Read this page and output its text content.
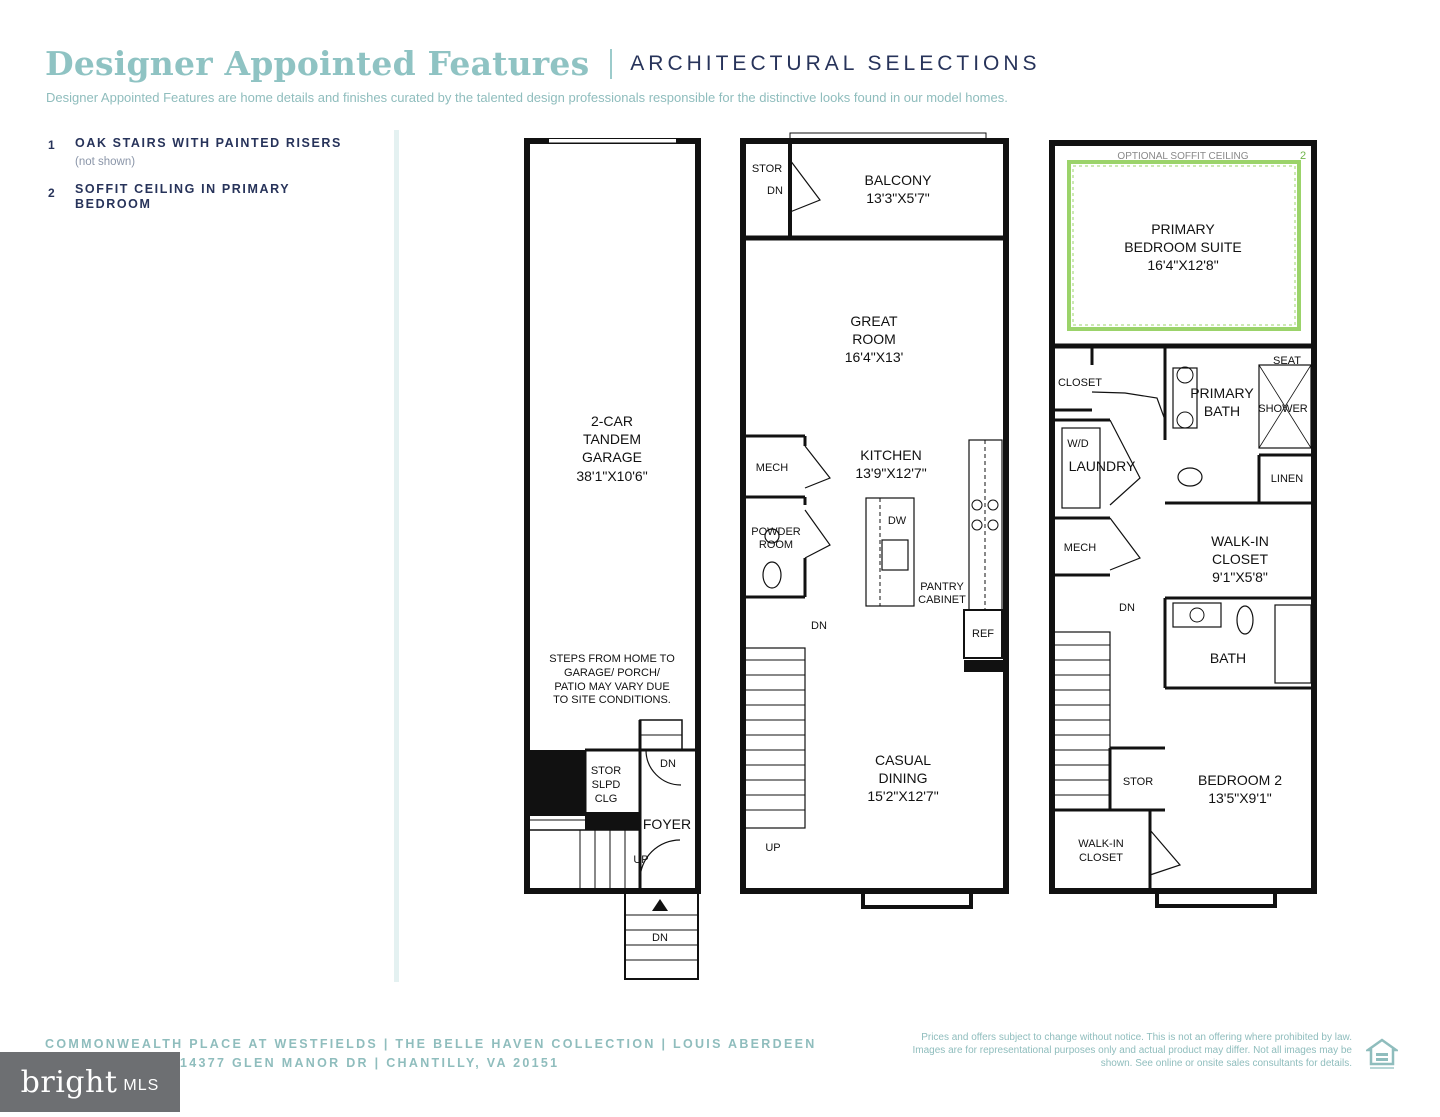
Designer Appointed Features ARCHITECTURAL SELECTIONS
Designer Appointed Features are home details and finishes curated by the talented design professionals responsible for the distinctive looks found in our model homes.
1	OAK STAIRS WITH PAINTED RISERS
(not shown)
2	SOFFIT CEILING IN PRIMARY BEDROOM
2-CAR
TANDEM
GARAGE
38'1"X10'6"
STEPS FROM HOME TO
GARAGE/ PORCH/
PATIO MAY VARY DUE
TO SITE CONDITIONS.
STOR
SLPD
CLG
DN
FOYER
UP
DN
STOR
DN
BALCONY
13'3"X5'7"
GREAT
ROOM
16'4"X13'
KITCHEN
13'9"X12'7"
MECH
POWDER
ROOM
DW
PANTRY
CABINET
REF
DN
CASUAL
DINING
15'2"X12'7"
UP
OPTIONAL SOFFIT CEILING	2
PRIMARY
BEDROOM SUITE
16'4"X12'8"
CLOSET
SEAT
PRIMARY
BATH SHOWER
W/D
LAUNDRY
LINEN
MECH	WALK-IN
CLOSET
9'1"X5'8"
DN
BATH
STOR	BEDROOM 2
13'5"X9'1"
WALK-IN
CLOSET
COMMONWEALTH PLACE AT WESTFIELDS | THE BELLE HAVEN COLLECTION | LOUIS ABERDEEN
14377 GLEN MANOR DR | CHANTILLY, VA 20151
Prices and offers subject to change without notice. This is not an offering where prohibited by law. Images are for representational purposes only and actual product may differ. Not all images may be shown. See online or onsite sales consultants for details.
bright MLS
